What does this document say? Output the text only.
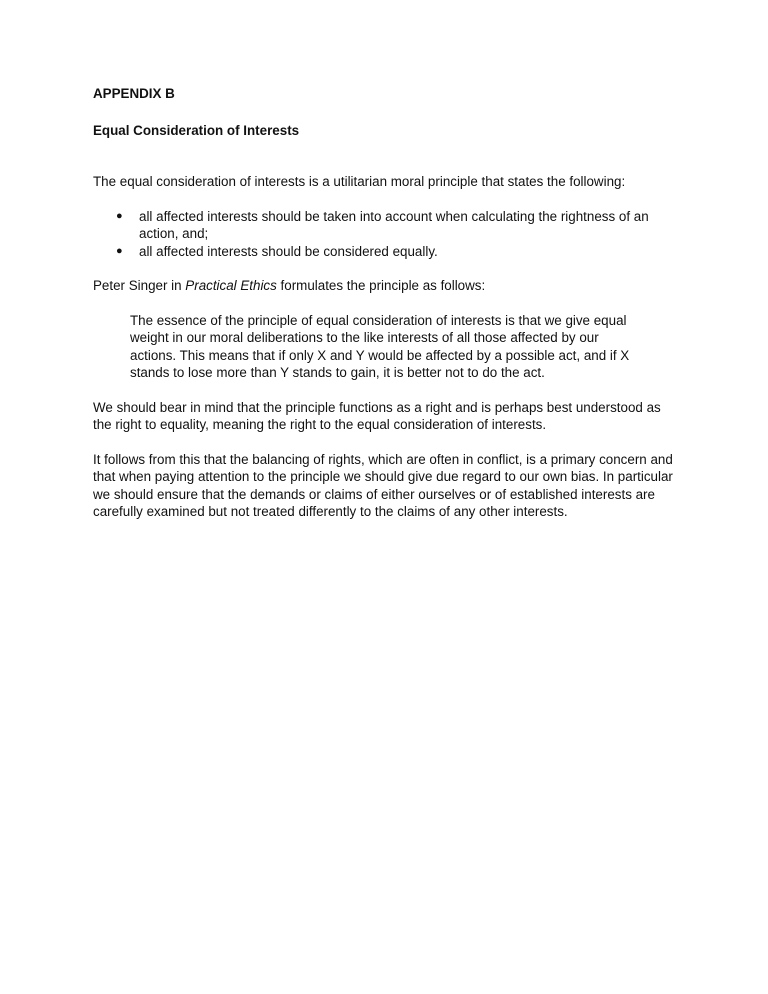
APPENDIX B

Equal Consideration of Interests

The equal consideration of interests is a utilitarian moral principle that states the following:

● all affected interests should be taken into account when calculating the rightness of an action, and;
● all affected interests should be considered equally.

Peter Singer in Practical Ethics formulates the principle as follows:

The essence of the principle of equal consideration of interests is that we give equal weight in our moral deliberations to the like interests of all those affected by our actions. This means that if only X and Y would be affected by a possible act, and if X stands to lose more than Y stands to gain, it is better not to do the act.

We should bear in mind that the principle functions as a right and is perhaps best understood as the right to equality, meaning the right to the equal consideration of interests.

It follows from this that the balancing of rights, which are often in conflict, is a primary concern and that when paying attention to the principle we should give due regard to our own bias. In particular we should ensure that the demands or claims of either ourselves or of established interests are carefully examined but not treated differently to the claims of any other interests.
